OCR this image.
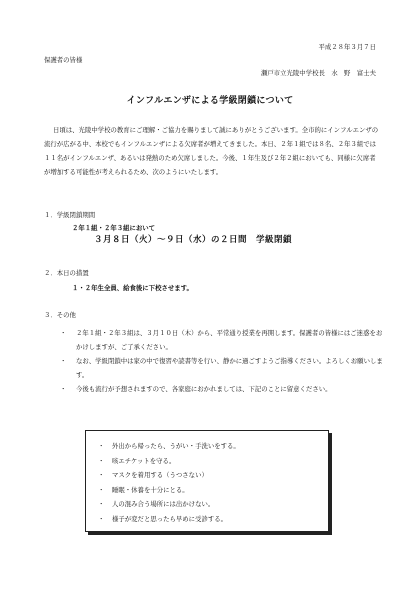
平成２８年３月７日
保護者の皆様
瀬戸市立光陵中学校長　水　野　富士夫
インフルエンザによる学級閉鎖について

日頃は、光陵中学校の教育にご理解・ご協力を賜りまして誠にありがとうございます。全市的にインフルエンザの流行が広がる中、本校でもインフルエンザによる欠席者が増えてきました。本日、２年１組では８名、２年３組では１１名がインフルエンザ、あるいは発熱のため欠席しました。今後、１年生及び２年２組においても、同様に欠席者が増加する可能性が考えられるため、次のようにいたします。

１．学級閉鎖期間
２年１組・２年３組において
３月８日（火）～９日（水）の２日間　学級閉鎖
２．本日の措置
１・２年生全員、給食後に下校させます。
３．その他
・ ２年１組・２年３組は、３月１０日（木）から、平常通り授業を再開します。保護者の皆様にはご迷惑をおかけしますが、ご了承ください。
・ なお、学級閉鎖中は家の中で復習や読書等を行い、静かに過ごすようご指導ください。よろしくお願いします。
・ 今後も流行が予想されますので、各家庭におかれましては、下記のことに留意ください。
・ 外出から帰ったら、うがい・手洗いをする。
・ 咳エチケットを守る。
・ マスクを着用する（うつさない）
・ 睡眠・休養を十分にとる。
・ 人の混み合う場所には出かけない。
・ 様子が変だと思ったら早めに受診する。
